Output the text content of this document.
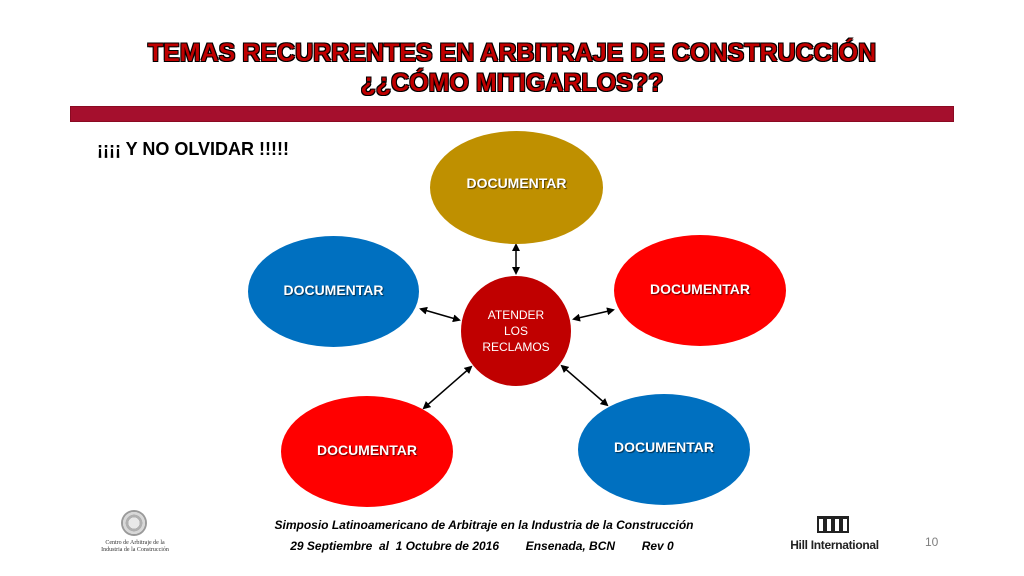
TEMAS RECURRENTES EN ARBITRAJE DE CONSTRUCCIÓN
¿¿CÓMO MITIGARLOS??
¡¡¡¡ Y NO OLVIDAR !!!!!
DOCUMENTAR
DOCUMENTAR	DOCUMENTAR
DOCUMENTAR	DOCUMENTAR
ATENDER
LOS
RECLAMOS
Centro de Arbitraje de la
Industria de la Construcción
Simposio Latinoamericano de Arbitraje en la Industria de la Construcción
29 Septiembre  al  1 Octubre de 2016        Ensenada, BCN        Rev 0	Hill International	10
